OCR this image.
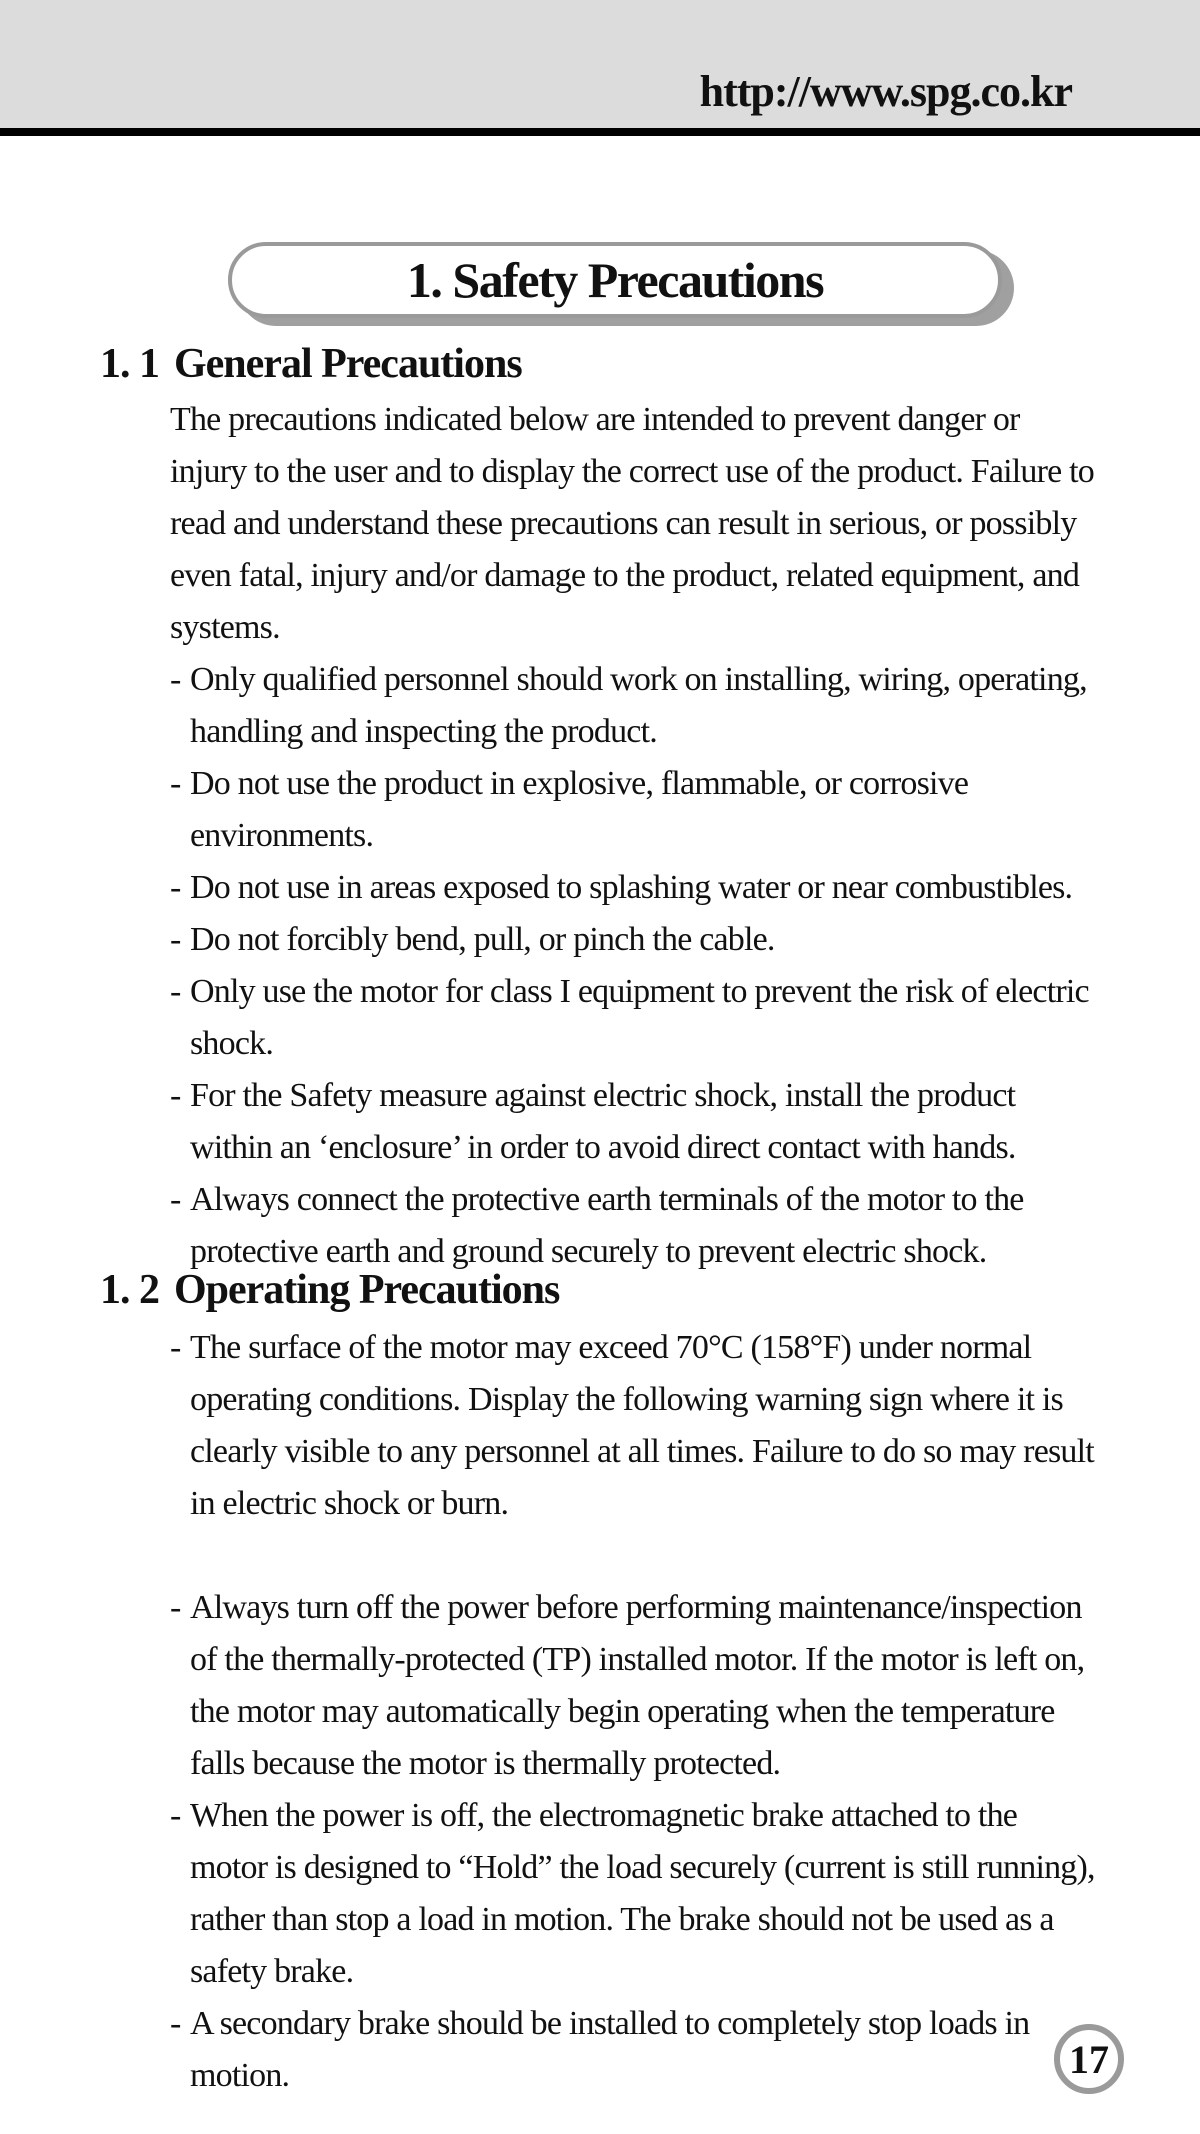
http://www.spg.co.kr
1. Safety Precautions
1. 1 General Precautions

The precautions indicated below are intended to prevent danger or injury to the user and to display the correct use of the product. Failure to read and understand these precautions can result in serious, or possibly even fatal, injury and/or damage to the product, related equipment, and systems.

- Only qualified personnel should work on installing, wiring, operating, handling and inspecting the product.
- Do not use the product in explosive, flammable, or corrosive environments.
- Do not use in areas exposed to splashing water or near combustibles.
- Do not forcibly bend, pull, or pinch the cable.
- Only use the motor for class I equipment to prevent the risk of electric shock.
- For the Safety measure against electric shock, install the product within an ‘enclosure’ in order to avoid direct contact with hands.
- Always connect the protective earth terminals of the motor to the protective earth and ground securely to prevent electric shock.
1. 2 Operating Precautions
- The surface of the motor may exceed 70°C (158°F) under normal operating conditions. Display the following warning sign where it is clearly visible to any personnel at all times. Failure to do so may result in electric shock or burn.
- Always turn off the power before performing maintenance/inspection of the thermally-protected (TP) installed motor. If the motor is left on, the motor may automatically begin operating when the temperature falls because the motor is thermally protected.
- When the power is off, the electromagnetic brake attached to the motor is designed to “Hold” the load securely (current is still running), rather than stop a load in motion. The brake should not be used as a safety brake.
- A secondary brake should be installed to completely stop loads in motion.	17
